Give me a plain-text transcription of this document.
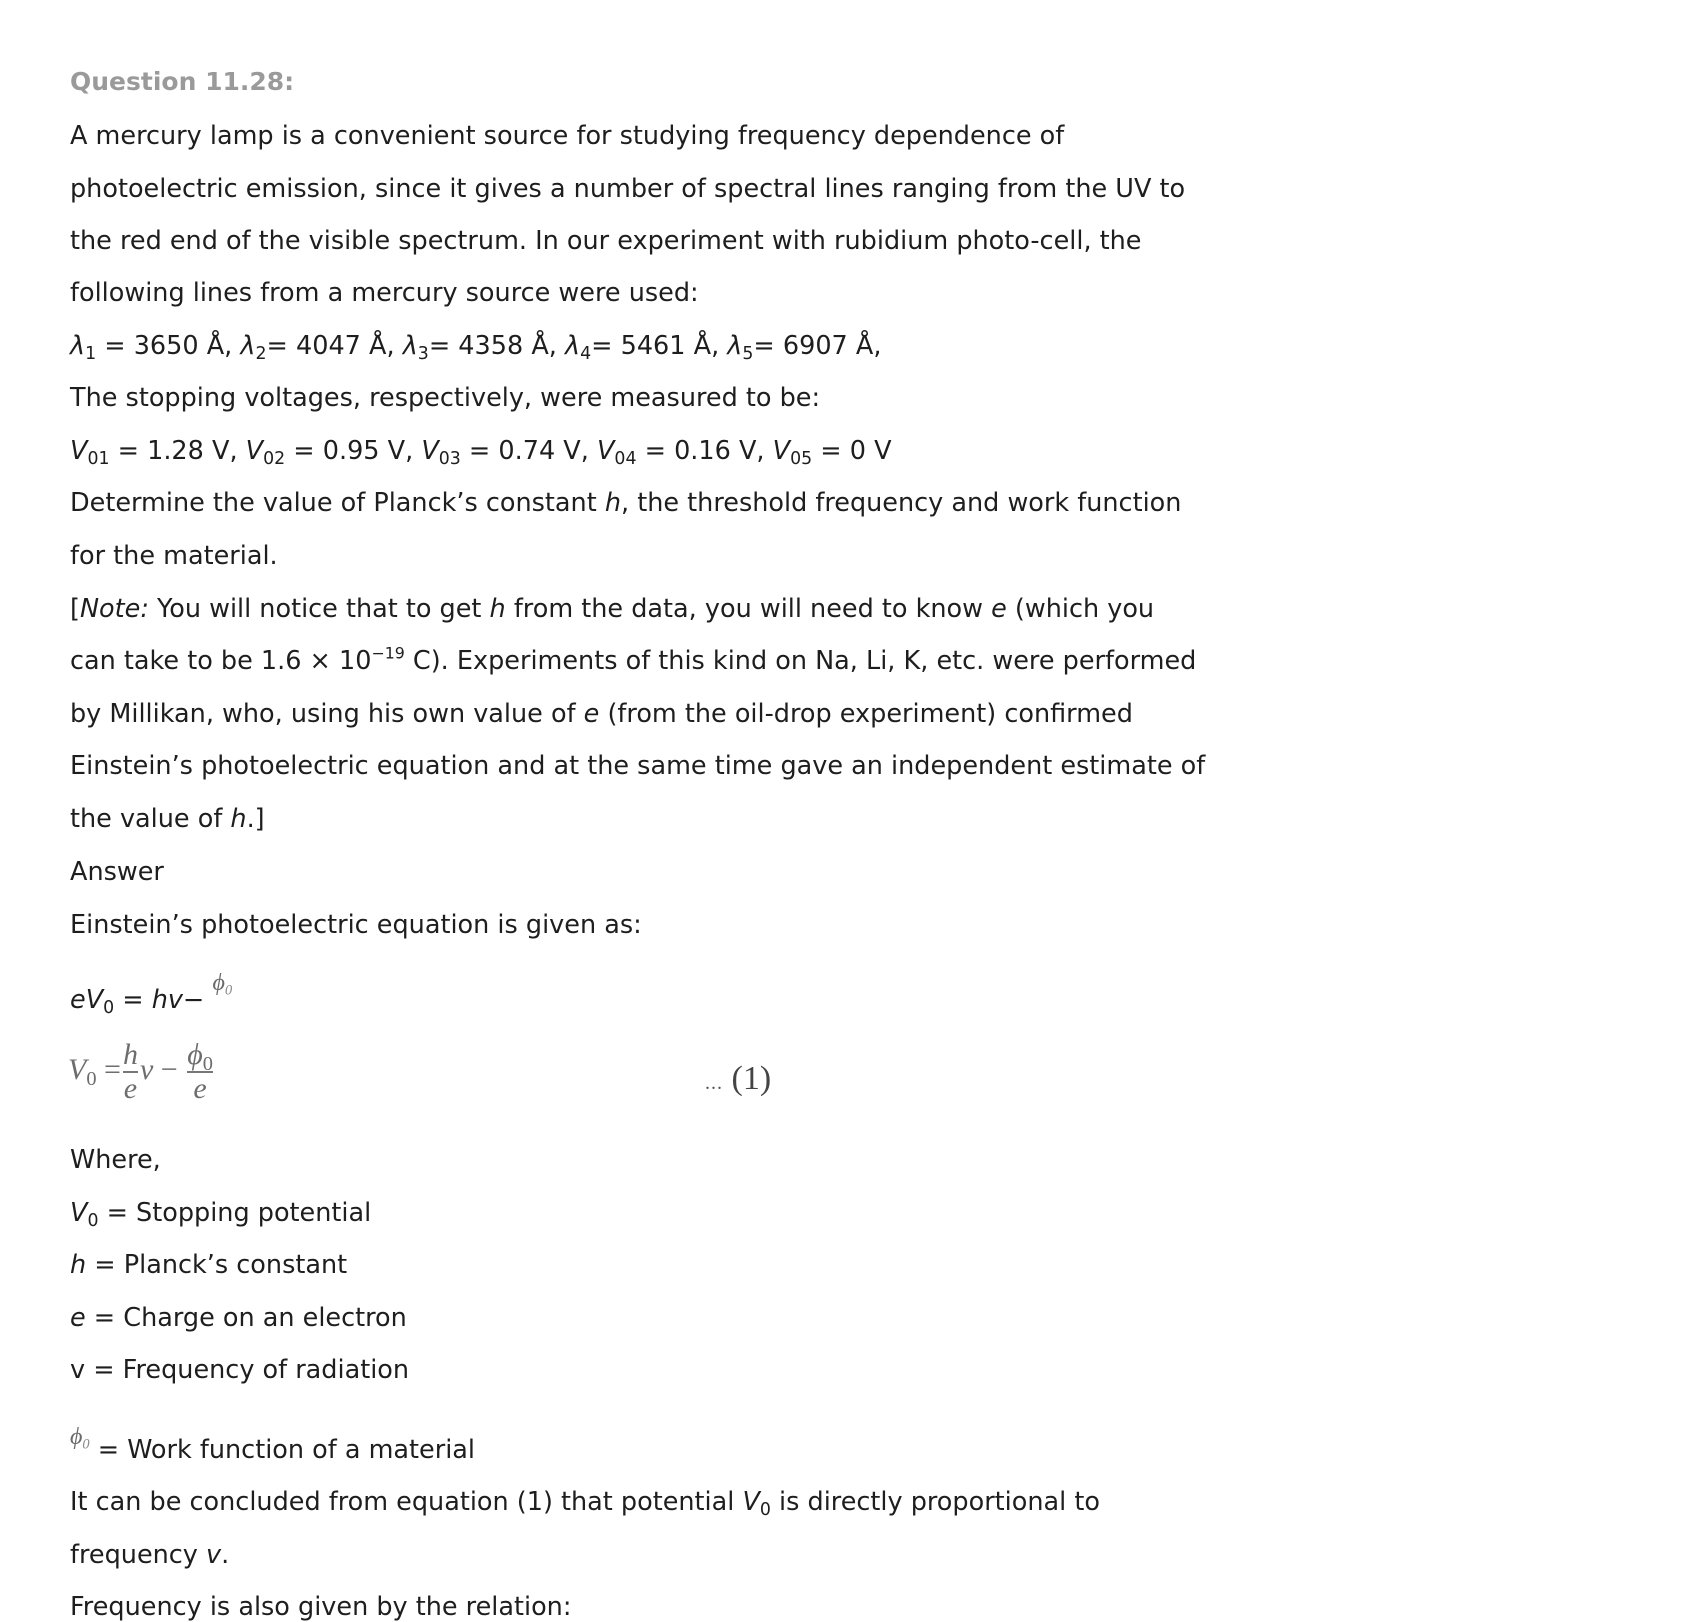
Question 11.28:
A mercury lamp is a convenient source for studying frequency dependence of
photoelectric emission, since it gives a number of spectral lines ranging from the UV to
the red end of the visible spectrum. In our experiment with rubidium photo-cell, the
following lines from a mercury source were used:
$\lambda_1 = 3650$ Å, $\lambda_2= 4047$ Å, $\lambda_3= 4358$ Å, $\lambda_4= 5461$ Å, $\lambda_5= 6907$ Å,
The stopping voltages, respectively, were measured to be:
$V_{01} = 1.28$ V, $V_{02} = 0.95$ V, $V_{03} = 0.74$ V, $V_{04} = 0.16$ V, $V_{05} = 0$ V
Determine the value of Planck’s constant h, the threshold frequency and work function
for the material.
[Note: You will notice that to get h from the data, you will need to know e (which you
can take to be $1.6 \times 10^{-19}$ C). Experiments of this kind on Na, Li, K, etc. were performed
by Millikan, who, using his own value of e (from the oil-drop experiment) confirmed
Einstein’s photoelectric equation and at the same time gave an independent estimate of
the value of h.]
Answer
Einstein’s photoelectric equation is given as:
$eV_0 = hv- \phi_0$
$V_0 = \frac{h}{e}$ $\nu - \frac{\phi_0}{e}$	... (1)
Where,
$V_0$ = Stopping potential
h = Planck’s constant
e = Charge on an electron
v = Frequency of radiation
$\phi_0$ = Work function of a material
It can be concluded from equation (1) that potential $V_0$ is directly proportional to
frequency v.
Frequency is also given by the relation:
